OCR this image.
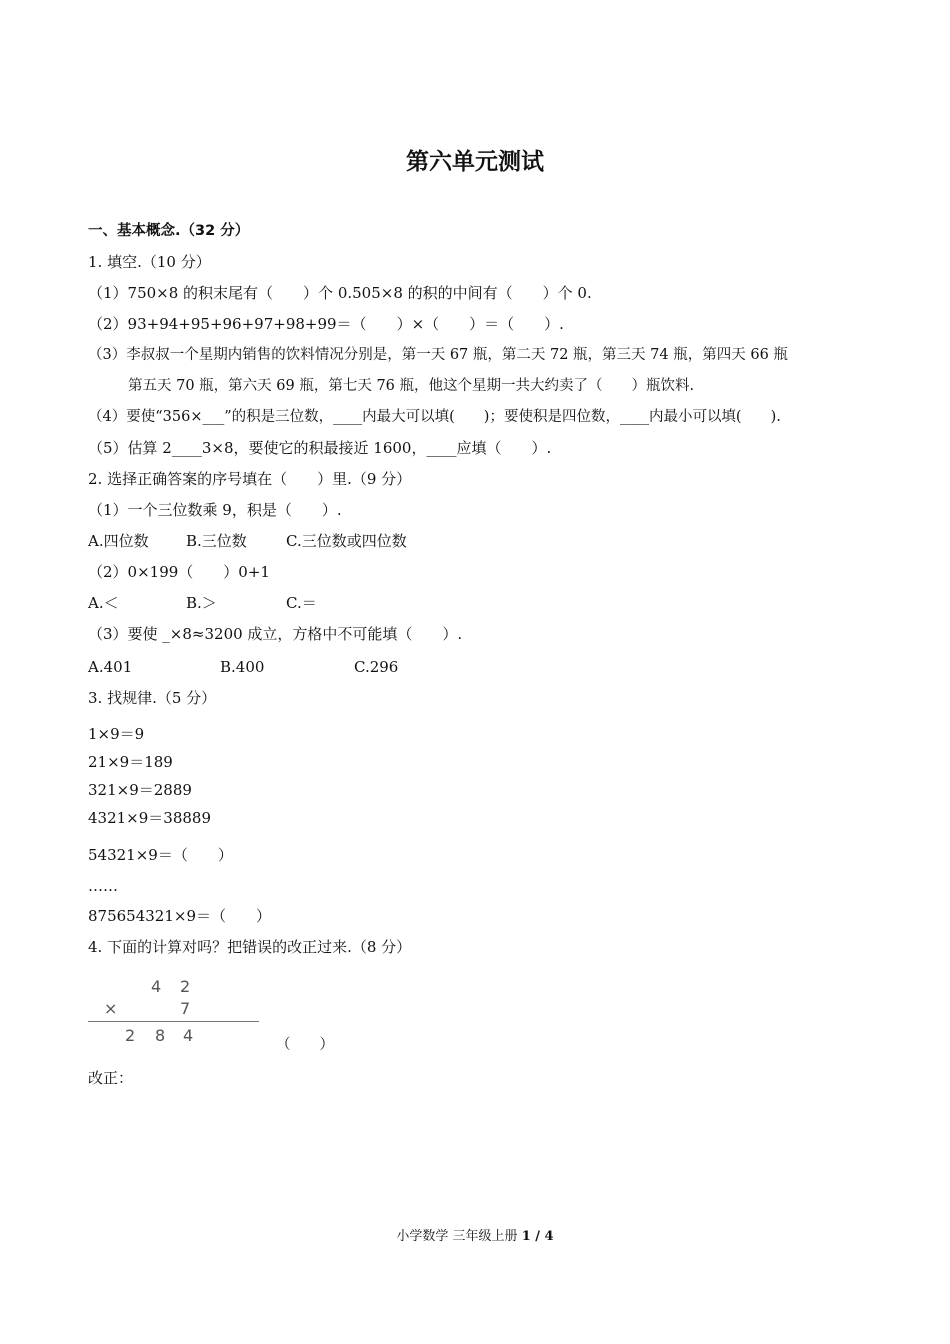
第六单元测试
一、基本概念.（32 分）
1. 填空.（10 分）
（1）750×8 的积末尾有（　　）个 0.505×8 的积的中间有（　　）个 0.
（2）93+94+95+96+97+98+99＝（　　）×（　　）＝（　　）.
（3）李叔叔一个星期内销售的饮料情况分别是，第一天 67 瓶，第二天 72 瓶，第三天 74 瓶，第四天 66 瓶
第五天 70 瓶，第六天 69 瓶，第七天 76 瓶，他这个星期一共大约卖了（　　）瓶饮料.
（4）要使“356×___”的积是三位数，____内最大可以填(　　)；要使积是四位数，____内最小可以填(　　).
（5）估算 2____3×8，要使它的积最接近 1600，____应填（　　）.
2. 选择正确答案的序号填在（　　）里.（9 分）
（1）一个三位数乘 9，积是（　　）.
A.四位数 B.三位数	C.三位数或四位数
（2）0×199（　　）0+1
A.＜	B.＞	C.＝
（3）要使 _×8≈3200 成立，方格中不可能填（　　）.
A.401	B.400	C.296
3. 找规律.（5 分）
1×9＝9
21×9＝189
321×9＝2889
4321×9＝38889
54321×9＝（　　）
……
875654321×9＝（　　）
4. 下面的计算对吗？把错误的改正过来.（8 分）
4 2
×	7
2 8 4	（　　）
改正：
小学数学 三年级上册 1 / 4
